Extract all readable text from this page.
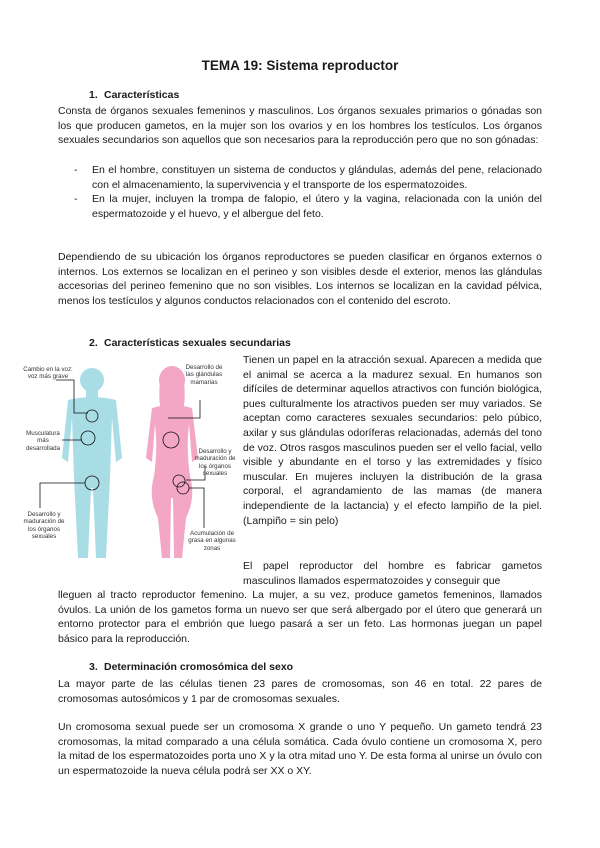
TEMA 19: Sistema reproductor
1. Características
Consta de órganos sexuales femeninos y masculinos. Los órganos sexuales primarios o gónadas son los que producen gametos, en la mujer son los ovarios y en los hombres los testículos. Los órganos sexuales secundarios son aquellos que son necesarios para la reproducción pero que no son gónadas:
- En el hombre, constituyen un sistema de conductos y glándulas, además del pene, relacionado con el almacenamiento, la supervivencia y el transporte de los espermatozoides.
- En la mujer, incluyen la trompa de falopio, el útero y la vagina, relacionada con la unión del espermatozoide y el huevo, y el albergue del feto.
Dependiendo de su ubicación los órganos reproductores se pueden clasificar en órganos externos o internos. Los externos se localizan en el perineo y son visibles desde el exterior, menos las glándulas accesorias del perineo femenino que no son visibles. Los internos se localizan en la cavidad pélvica, menos los testículos y algunos conductos relacionados con el contenido del escroto.
2. Características sexuales secundarias
Cambio en la voz: voz más grave
Musculatura más desarrollada
Desarrollo y maduración de los órganos sexuales
Desarrollo de las glándulas mamarias
Desarrollo y maduración de los órganos sexuales
Acumulación de grasa en algunas zonas
Tienen un papel en la atracción sexual. Aparecen a medida que el animal se acerca a la madurez sexual. En humanos son difíciles de determinar aquellos atractivos con función biológica, pues culturalmente los atractivos pueden ser muy variados. Se aceptan como caracteres sexuales secundarios: pelo púbico, axilar y sus glándulas odoríferas relacionadas, además del tono de voz. Otros rasgos masculinos pueden ser el vello facial, vello visible y abundante en el torso y las extremidades y físico muscular. En mujeres incluyen la distribución de la grasa corporal, el agrandamiento de las mamas (de manera independiente de la lactancia) y el efecto lampiño de la piel. (Lampiño = sin pelo)
El papel reproductor del hombre es fabricar gametos masculinos llamados espermatozoides y conseguir que
lleguen al tracto reproductor femenino. La mujer, a su vez, produce gametos femeninos, llamados óvulos. La unión de los gametos forma un nuevo ser que será albergado por el útero que generará un entorno protector para el embrión que luego pasará a ser un feto. Las hormonas juegan un papel básico para la reproducción.
3. Determinación cromosómica del sexo
La mayor parte de las células tienen 23 pares de cromosomas, son 46 en total. 22 pares de cromosomas autosómicos y 1 par de cromosomas sexuales.
Un cromosoma sexual puede ser un cromosoma X grande o uno Y pequeño. Un gameto tendrá 23 cromosomas, la mitad comparado a una célula somática. Cada óvulo contiene un cromosoma X, pero la mitad de los espermatozoides porta uno X y la otra mitad uno Y. De esta forma al unirse un óvulo con un espermatozoide la nueva célula podrá ser XX o XY.
